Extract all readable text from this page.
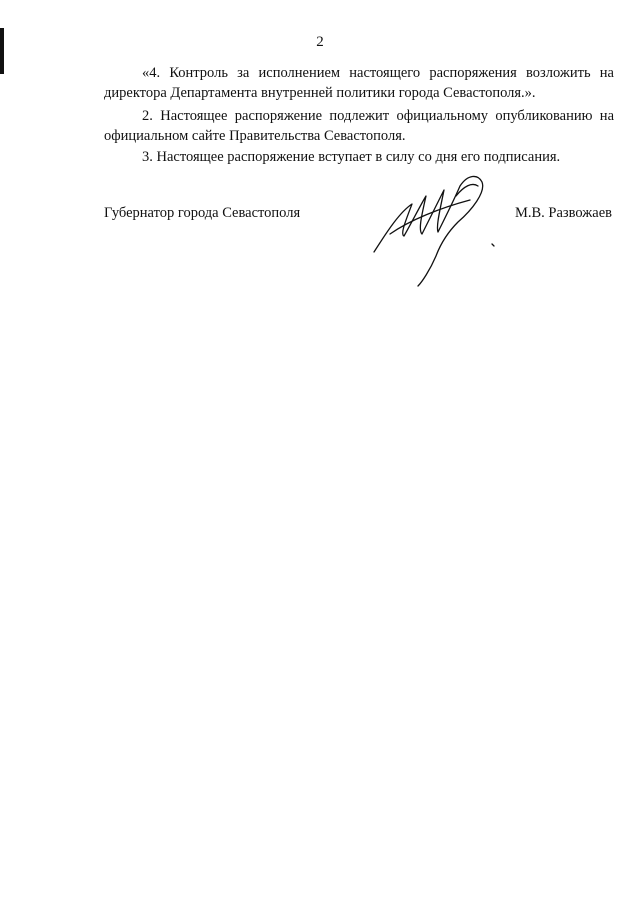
2

«4. Контроль за исполнением настоящего распоряжения возложить на директора Департамента внутренней политики города Севастополя.».

2. Настоящее распоряжение подлежит официальному опубликованию на официальном сайте Правительства Севастополя.

3. Настоящее распоряжение вступает в силу со дня его подписания.

Губернатор города Севастополя	М.В. Развожаев
